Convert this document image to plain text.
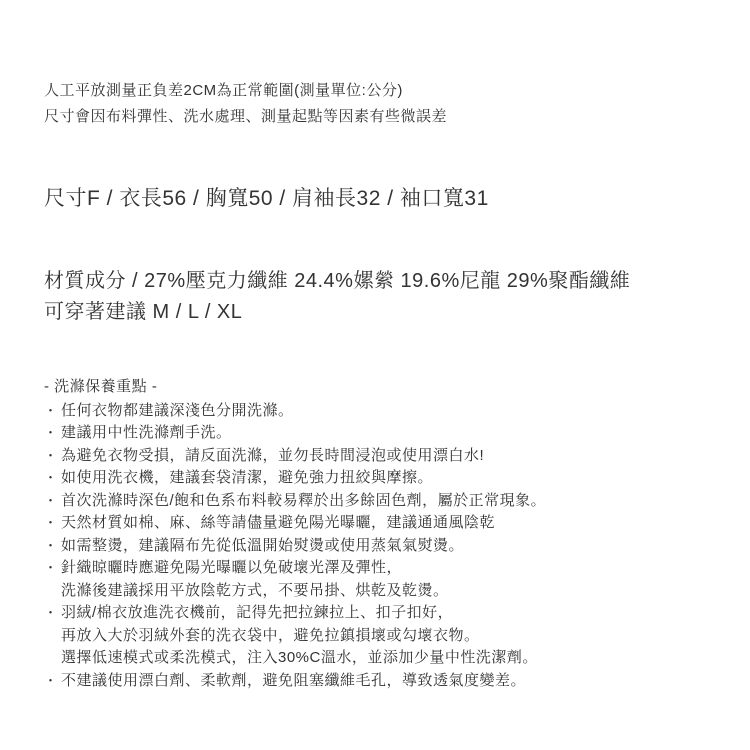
人工平放測量正負差2CM為正常範圍(測量單位:公分)
尺寸會因布料彈性、洗水處理、測量起點等因素有些微誤差
尺寸F / 衣長56 / 胸寬50 / 肩袖長32 / 袖口寬31
材質成分 / 27%壓克力纖維 24.4%嫘縈 19.6%尼龍 29%聚酯纖維
可穿著建議 M / L / XL
- 洗滌保養重點 -
・ 任何衣物都建議深淺色分開洗滌。
・ 建議用中性洗滌劑手洗。
・ 為避免衣物受損，請反面洗滌，並勿長時間浸泡或使用漂白水!
・ 如使用洗衣機，建議套袋清潔，避免強力扭絞與摩擦。
・ 首次洗滌時深色/飽和色系布料較易釋於出多餘固色劑，屬於正常現象。
・ 天然材質如棉、麻、絲等請儘量避免陽光曝曬，建議通通風陰乾
・ 如需整燙，建議隔布先從低溫開始熨燙或使用蒸氣氣熨燙。
・ 針織晾曬時應避免陽光曝曬以免破壞光澤及彈性，
洗滌後建議採用平放陰乾方式，不要吊掛、烘乾及乾燙。
・ 羽絨/棉衣放進洗衣機前，記得先把拉鍊拉上、扣子扣好，
再放入大於羽絨外套的洗衣袋中，避免拉鎮損壞或勾壞衣物。
選擇低速模式或柔洗模式，注入30%C溫水，並添加少量中性洗潔劑。
・ 不建議使用漂白劑、柔軟劑，避免阻塞纖維毛孔，導致透氣度變差。
